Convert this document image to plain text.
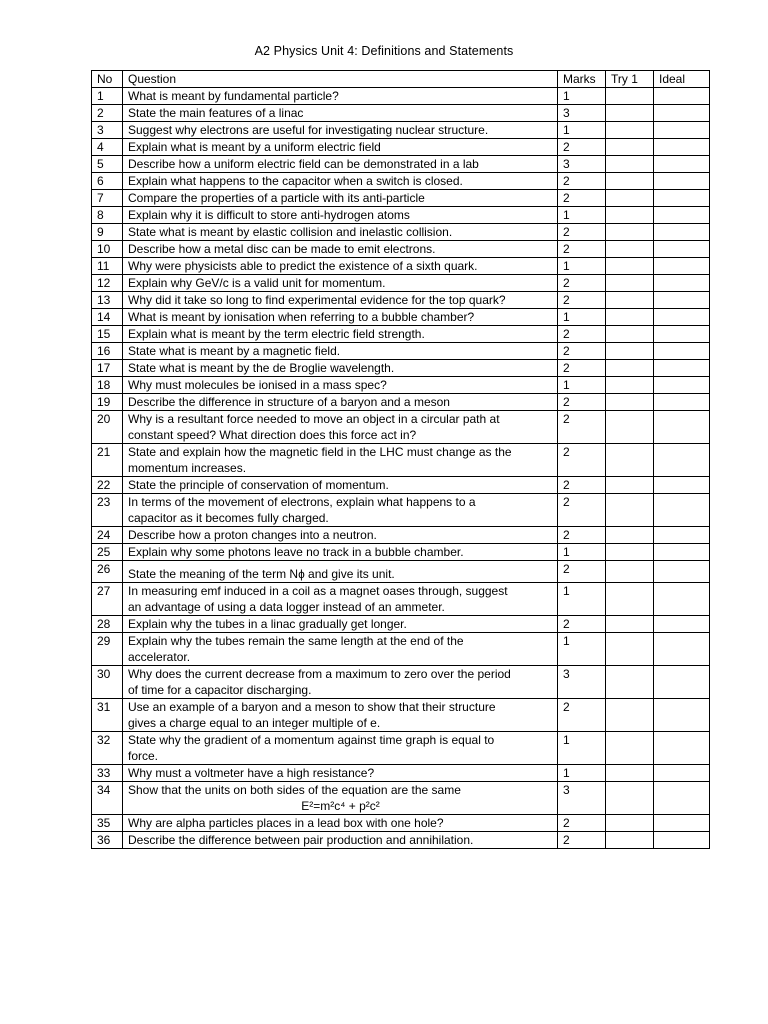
A2 Physics Unit 4: Definitions and Statements
No	Question	Marks	Try 1	Ideal
1	What is meant by fundamental particle?	1		
2	State the main features of a linac	3		
3	Suggest why electrons are useful for investigating nuclear structure.	1		
4	Explain what is meant by a uniform electric field	2		
5	Describe how a uniform electric field can be demonstrated in a lab	3		
6	Explain what happens to the capacitor when a switch is closed.	2		
7	Compare the properties of a particle with its anti-particle	2		
8	Explain why it is difficult to store anti-hydrogen atoms	1		
9	State what is meant by elastic collision and inelastic collision.	2		
10	Describe how a metal disc can be made to emit electrons.	2		
11	Why were physicists able to predict the existence of a sixth quark.	1		
12	Explain why GeV/c is a valid unit for momentum.	2		
13	Why did it take so long to find experimental evidence for the top quark?	2		
14	What is meant by ionisation when referring to a bubble chamber?	1		
15	Explain what is meant by the term electric field strength.	2		
16	State what is meant by a magnetic field.	2		
17	State what is meant by the de Broglie wavelength.	2		
18	Why must molecules be ionised in a mass spec?	1		
19	Describe the difference in structure of a baryon and a meson	2		
20	Why is a resultant force needed to move an object in a circular path at
constant speed? What direction does this force act in?	2		
21	State and explain how the magnetic field in the LHC must change as the
momentum increases.	2		
22	State the principle of conservation of momentum.	2		
23	In terms of the movement of electrons, explain what happens to a
capacitor as it becomes fully charged.	2		
24	Describe how a proton changes into a neutron.	2		
25	Explain why some photons leave no track in a bubble chamber.	1		
26	State the meaning of the term Nɸ and give its unit.	2		
27	In measuring emf induced in a coil as a magnet oases through, suggest
an advantage of using a data logger instead of an ammeter.	1		
28	Explain why the tubes in a linac gradually get longer.	2		
29	Explain why the tubes remain the same length at the end of the
accelerator.	1		
30	Why does the current decrease from a maximum to zero over the period
of time for a capacitor discharging.	3		
31	Use an example of a baryon and a meson to show that their structure
gives a charge equal to an integer multiple of e.	2		
32	State why the gradient of a momentum against time graph is equal to
force.	1		
33	Why must a voltmeter have a high resistance?	1		
34	Show that the units on both sides of the equation are the same
E²=m²c⁴ + p²c²	3		
35	Why are alpha particles places in a lead box with one hole?	2		
36	Describe the difference between pair production and annihilation.	2		
